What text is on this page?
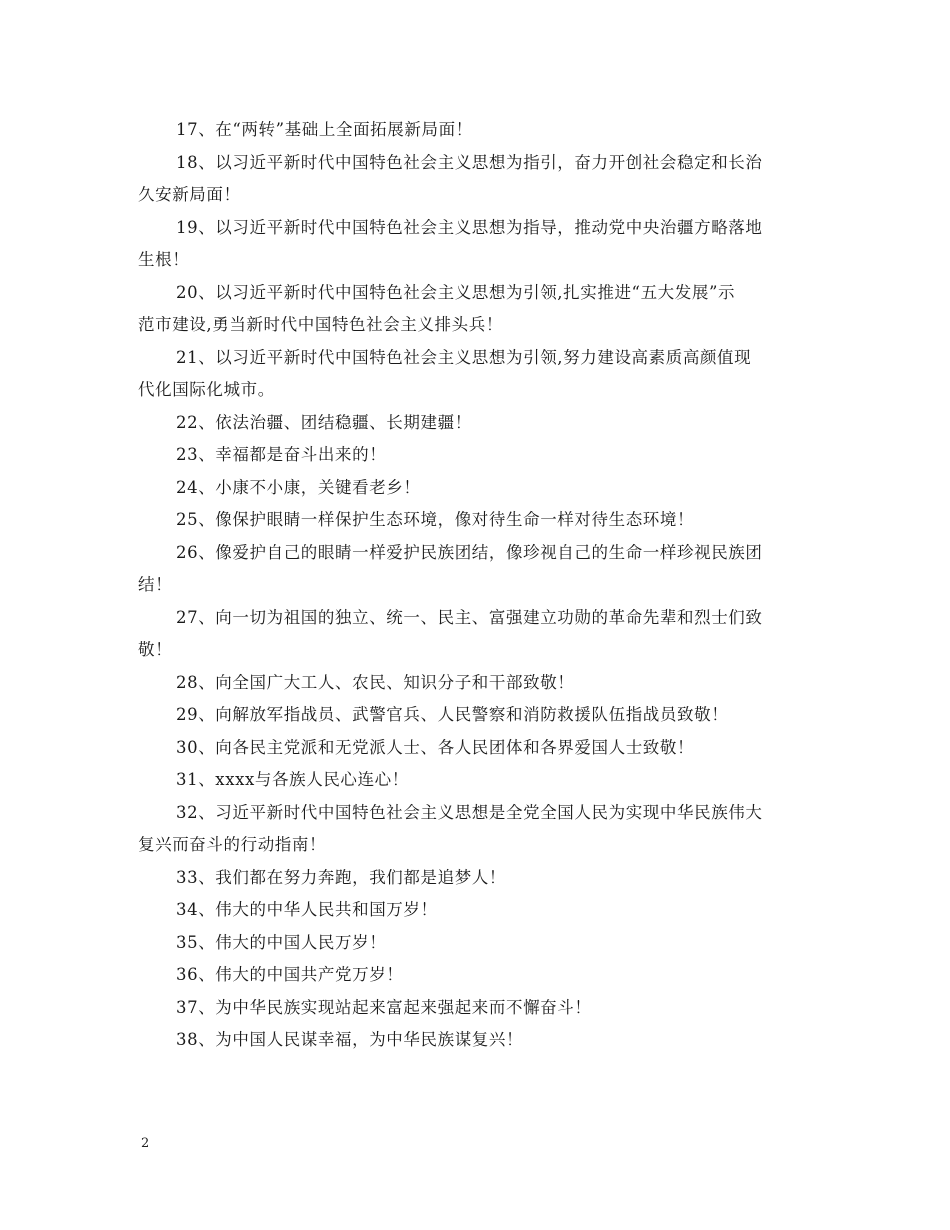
17、在“两转”基础上全面拓展新局面！
18、以习近平新时代中国特色社会主义思想为指引，奋力开创社会稳定和长治
久安新局面！
19、以习近平新时代中国特色社会主义思想为指导，推动党中央治疆方略落地
生根！
20、以习近平新时代中国特色社会主义思想为引领,扎实推进“五大发展”示
范市建设,勇当新时代中国特色社会主义排头兵！
21、以习近平新时代中国特色社会主义思想为引领,努力建设高素质高颜值现
代化国际化城市。
22、依法治疆、团结稳疆、长期建疆！
23、幸福都是奋斗出来的！
24、小康不小康，关键看老乡！
25、像保护眼睛一样保护生态环境，像对待生命一样对待生态环境！
26、像爱护自己的眼睛一样爱护民族团结，像珍视自己的生命一样珍视民族团
结！
27、向一切为祖国的独立、统一、民主、富强建立功勋的革命先辈和烈士们致
敬！
28、向全国广大工人、农民、知识分子和干部致敬！
29、向解放军指战员、武警官兵、人民警察和消防救援队伍指战员致敬！
30、向各民主党派和无党派人士、各人民团体和各界爱国人士致敬！
31、xxxx与各族人民心连心！
32、习近平新时代中国特色社会主义思想是全党全国人民为实现中华民族伟大
复兴而奋斗的行动指南！
33、我们都在努力奔跑，我们都是追梦人！
34、伟大的中华人民共和国万岁！
35、伟大的中国人民万岁！
36、伟大的中国共产党万岁！
37、为中华民族实现站起来富起来强起来而不懈奋斗！
38、为中国人民谋幸福，为中华民族谋复兴！
2
